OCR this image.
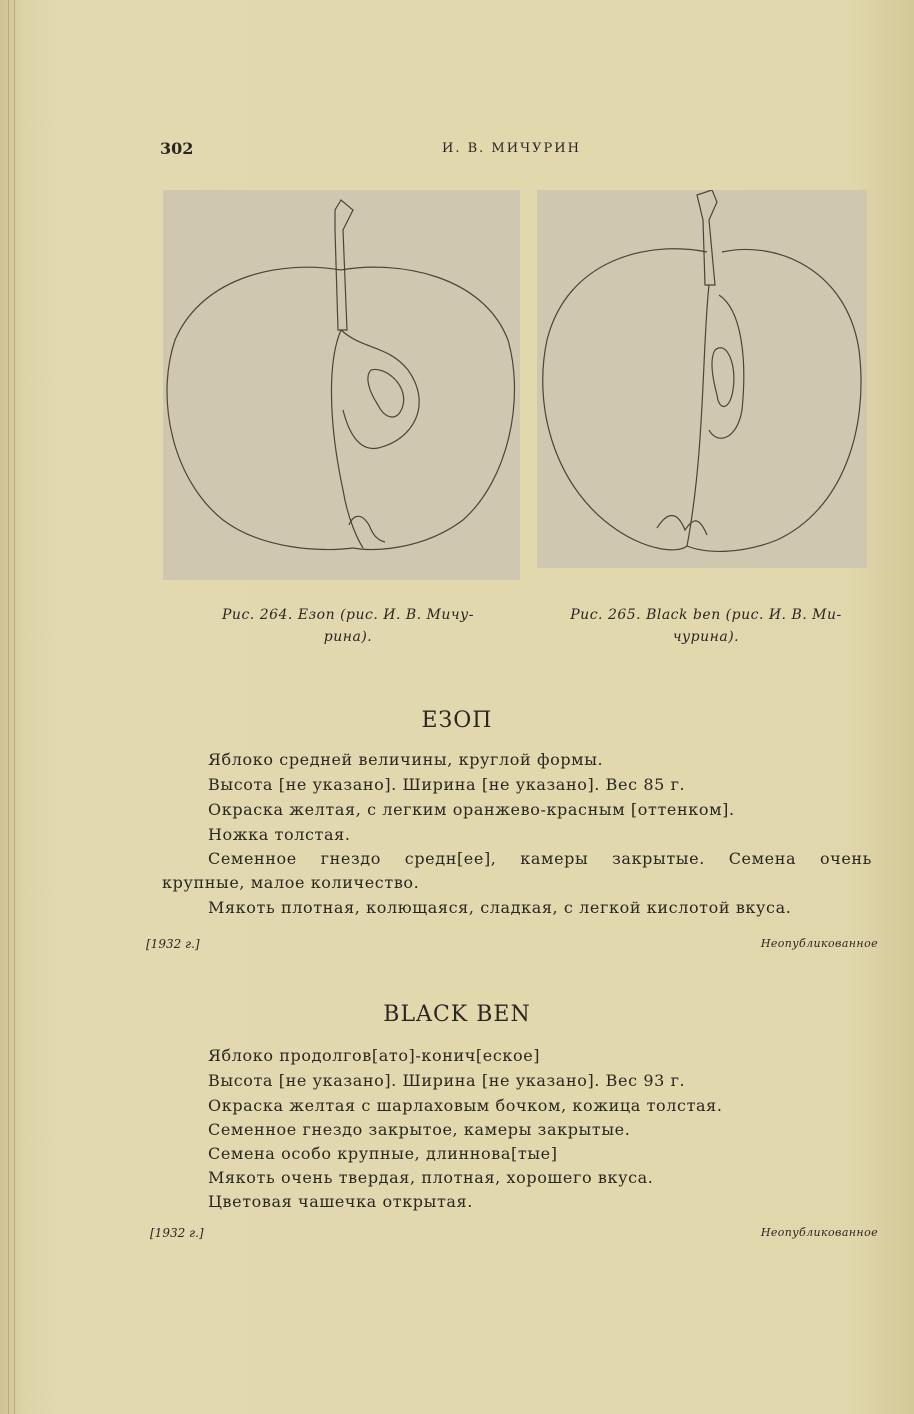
302	И. В. МИЧУРИН
Рис. 264. Езоп (рис. И. В. Мичу-
рина).
Рис. 265. Black ben (рис. И. В. Ми-
чурина).
ЕЗОП
Яблоко средней величины, круглой формы.
Высота [не указано]. Ширина [не указано]. Вес 85 г.
Окраска желтая, с легким оранжево-красным [оттенком].
Ножка толстая.
Семенное гнездо средн[ее], камеры закрытые. Семена очень
крупные, малое количество.
Мякоть плотная, колющаяся, сладкая, с легкой кислотой вкуса.
[1932 г.]	Неопубликованное
BLACK BEN
Яблоко продолгов[ато]-конич[еское]
Высота [не указано]. Ширина [не указано]. Вес 93 г.
Окраска желтая с шарлаховым бочком, кожица толстая.
Семенное гнездо закрытое, камеры закрытые.
Семена особо крупные, длиннова[тые]
Мякоть очень твердая, плотная, хорошего вкуса.
Цветовая чашечка открытая.
[1932 г.]	Неопубликованное
